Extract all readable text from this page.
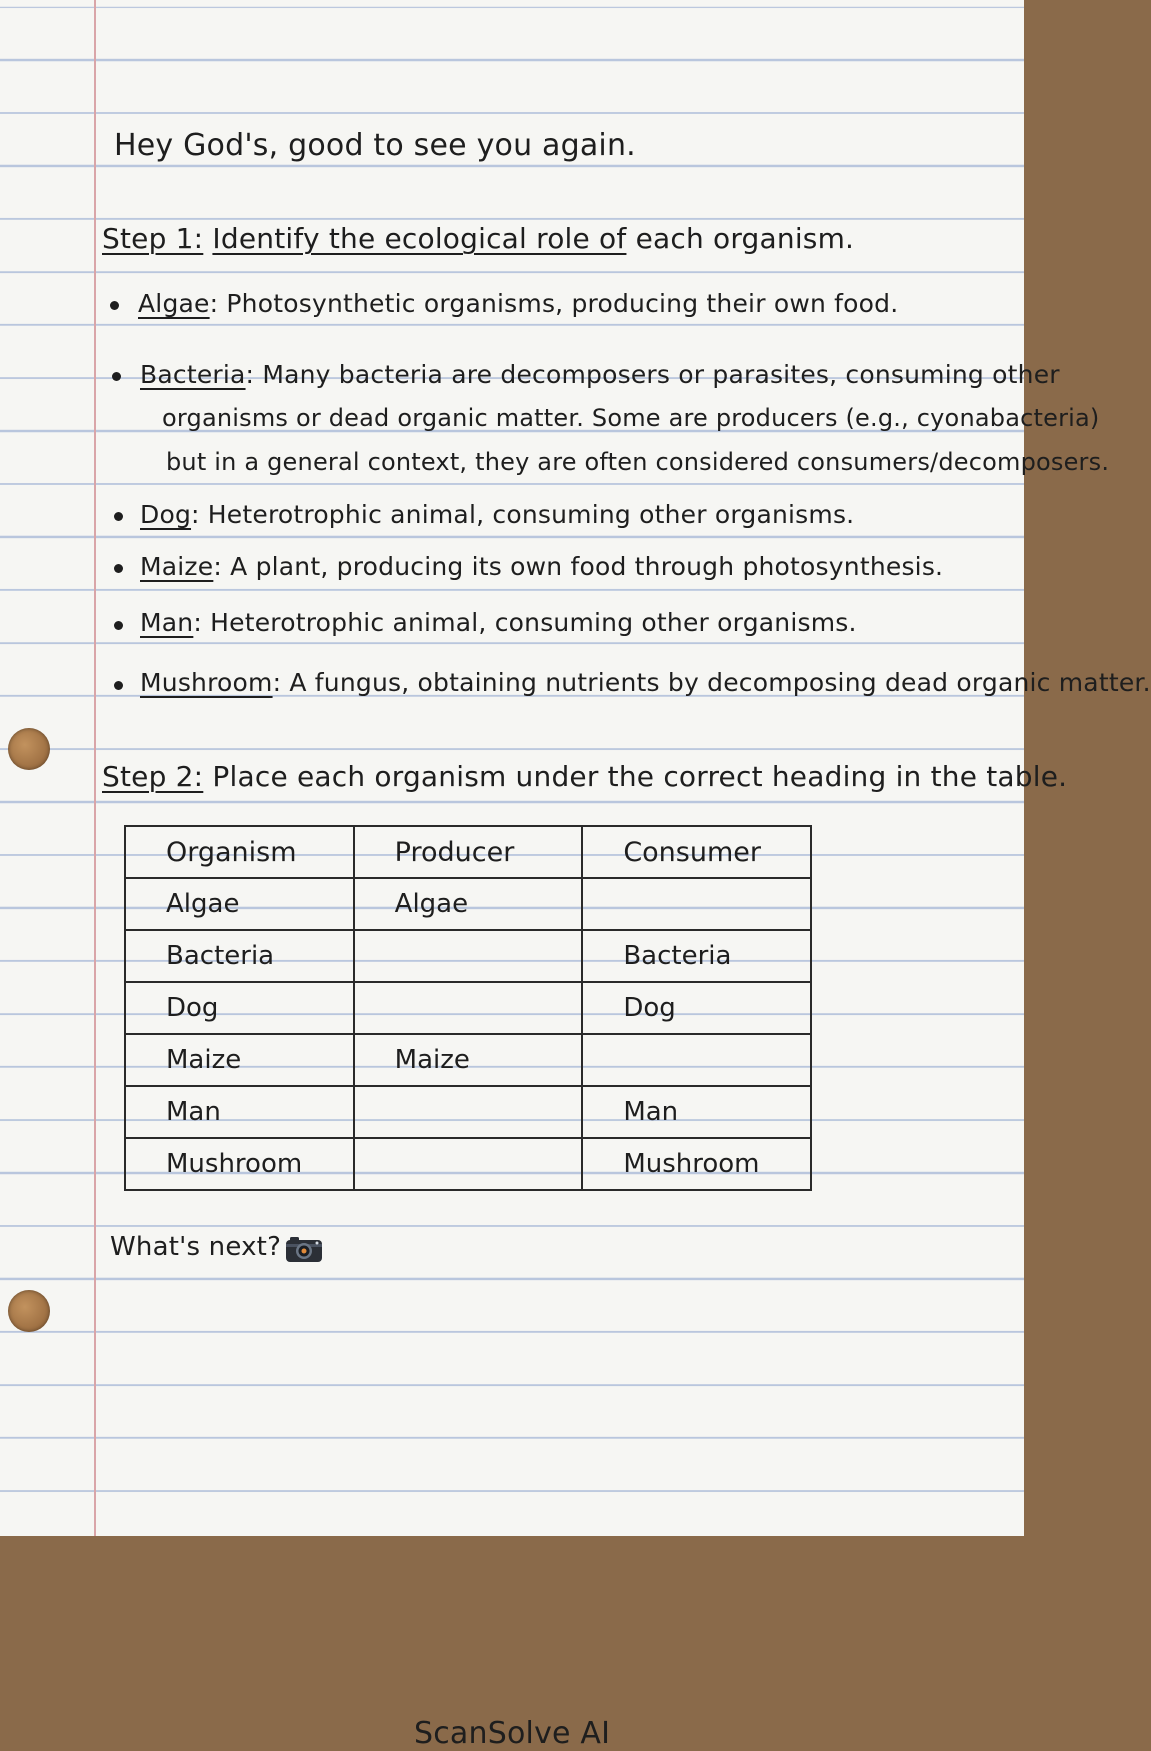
Hey God's, good to see you again.
Step 1: Identify the ecological role of each organism.
Algae: Photosynthetic organisms, producing their own food.
Bacteria: Many bacteria are decomposers or parasites, consuming other
organisms or dead organic matter. Some are producers (e.g., cyonabacteria)
but in a general context, they are often considered consumers/decomposers.
Dog: Heterotrophic animal, consuming other organisms.
Maize: A plant, producing its own food through photosynthesis.
Man: Heterotrophic animal, consuming other organisms.
Mushroom: A fungus, obtaining nutrients by decomposing dead organic matter.
Step 2: Place each organism under the correct heading in the table.
Organism	Producer	Consumer
Algae	Algae	
Bacteria		Bacteria
Dog		Dog
Maize	Maize	
Man		Man
Mushroom		Mushroom
What's next?
ScanSolve AI
